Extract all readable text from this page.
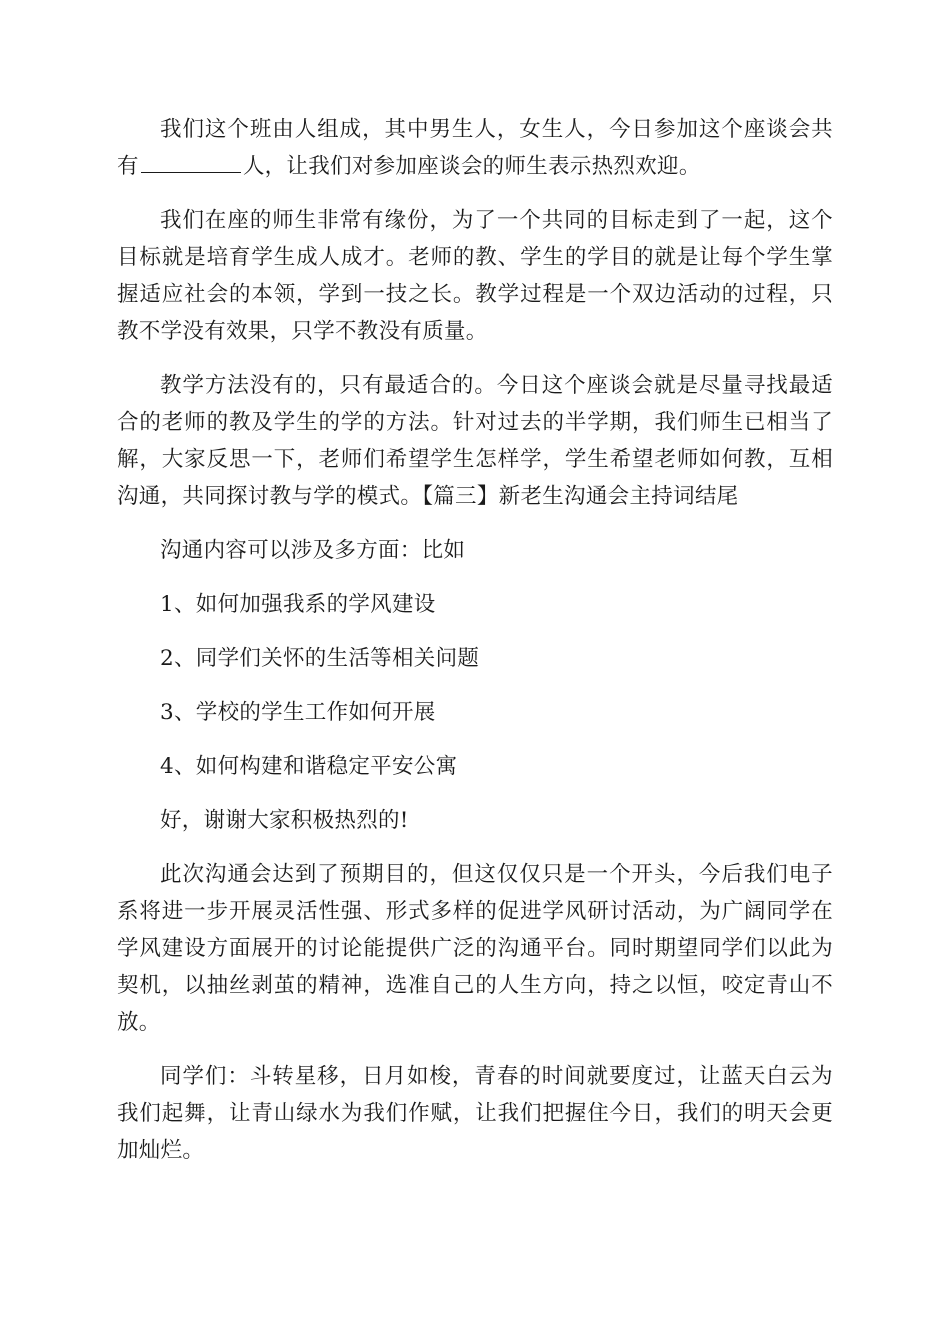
我们这个班由人组成，其中男生人，女生人，今日参加这个座谈会共有	人，让我们对参加座谈会的师生表示热烈欢迎。

我们在座的师生非常有缘份，为了一个共同的目标走到了一起，这个目标就是培育学生成人成才。老师的教、学生的学目的就是让每个学生掌握适应社会的本领，学到一技之长。教学过程是一个双边活动的过程，只教不学没有效果，只学不教没有质量。

教学方法没有的，只有最适合的。今日这个座谈会就是尽量寻找最适合的老师的教及学生的学的方法。针对过去的半学期，我们师生已相当了解，大家反思一下，老师们希望学生怎样学，学生希望老师如何教，互相沟通，共同探讨教与学的模式。【篇三】新老生沟通会主持词结尾

沟通内容可以涉及多方面：比如

1、如何加强我系的学风建设

2、同学们关怀的生活等相关问题

3、学校的学生工作如何开展

4、如何构建和谐稳定平安公寓

好，谢谢大家积极热烈的!

此次沟通会达到了预期目的，但这仅仅只是一个开头，今后我们电子系将进一步开展灵活性强、形式多样的促进学风研讨活动，为广阔同学在学风建设方面展开的讨论能提供广泛的沟通平台。同时期望同学们以此为契机，以抽丝剥茧的精神，选准自己的人生方向，持之以恒，咬定青山不放。

同学们：斗转星移，日月如梭，青春的时间就要度过，让蓝天白云为我们起舞，让青山绿水为我们作赋，让我们把握住今日，我们的明天会更加灿烂。
